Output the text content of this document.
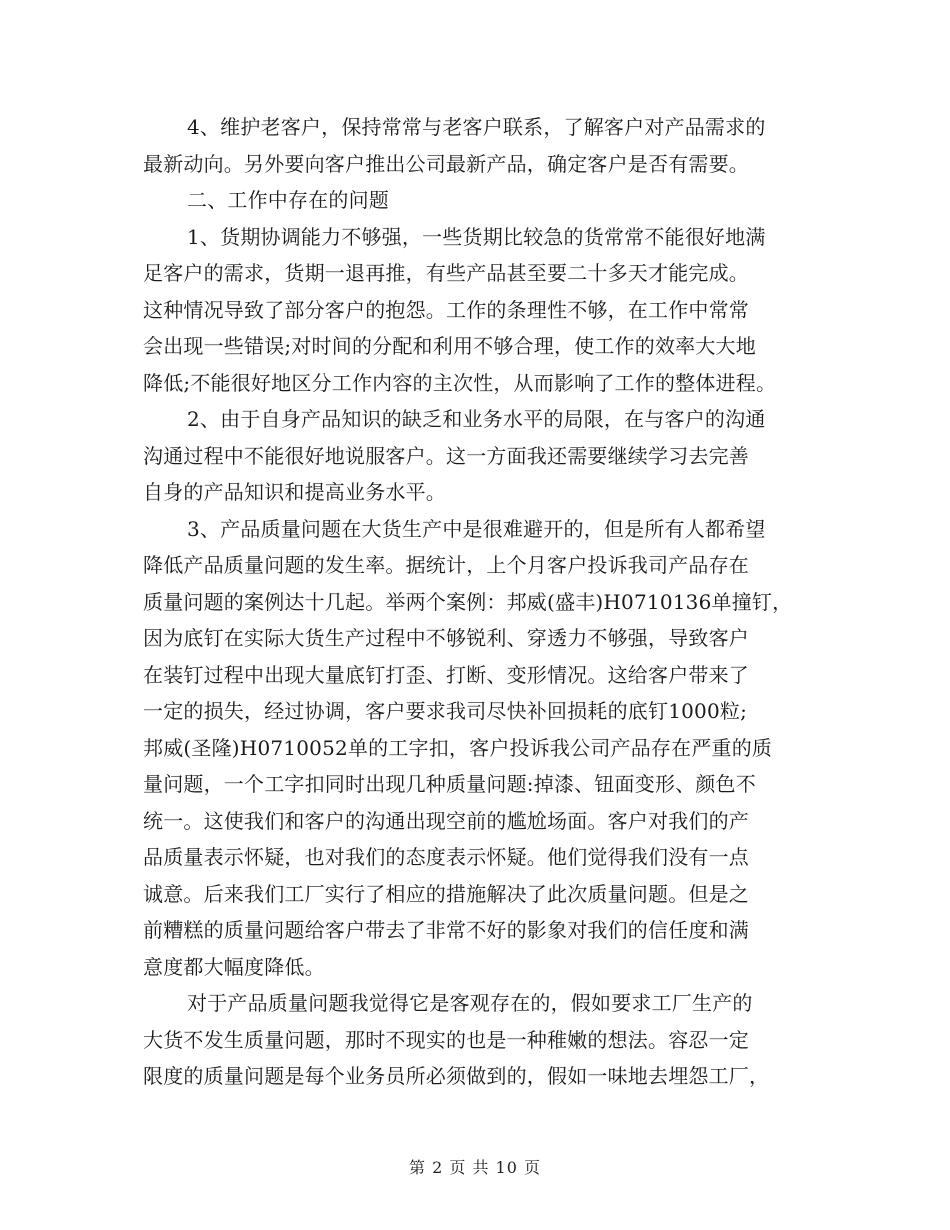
4、维护老客户，保持常常与老客户联系，了解客户对产品需求的
最新动向。另外要向客户推出公司最新产品，确定客户是否有需要。
二、工作中存在的问题
1、货期协调能力不够强，一些货期比较急的货常常不能很好地满
足客户的需求，货期一退再推，有些产品甚至要二十多天才能完成。
这种情况导致了部分客户的抱怨。工作的条理性不够，在工作中常常
会出现一些错误;对时间的分配和利用不够合理，使工作的效率大大地
降低;不能很好地区分工作内容的主次性，从而影响了工作的整体进程。
2、由于自身产品知识的缺乏和业务水平的局限，在与客户的沟通
沟通过程中不能很好地说服客户。这一方面我还需要继续学习去完善
自身的产品知识和提高业务水平。
3、产品质量问题在大货生产中是很难避开的，但是所有人都希望
降低产品质量问题的发生率。据统计，上个月客户投诉我司产品存在
质量问题的案例达十几起。举两个案例：邦威(盛丰)H0710136单撞钉，
因为底钉在实际大货生产过程中不够锐利、穿透力不够强，导致客户
在装钉过程中出现大量底钉打歪、打断、变形情况。这给客户带来了
一定的损失，经过协调，客户要求我司尽快补回损耗的底钉1000粒;
邦威(圣隆)H0710052单的工字扣，客户投诉我公司产品存在严重的质
量问题，一个工字扣同时出现几种质量问题:掉漆、钮面变形、颜色不
统一。这使我们和客户的沟通出现空前的尴尬场面。客户对我们的产
品质量表示怀疑，也对我们的态度表示怀疑。他们觉得我们没有一点
诚意。后来我们工厂实行了相应的措施解决了此次质量问题。但是之
前糟糕的质量问题给客户带去了非常不好的影象对我们的信任度和满
意度都大幅度降低。
对于产品质量问题我觉得它是客观存在的，假如要求工厂生产的
大货不发生质量问题，那时不现实的也是一种稚嫩的想法。容忍一定
限度的质量问题是每个业务员所必须做到的，假如一味地去埋怨工厂，
第 2 页 共 10 页
